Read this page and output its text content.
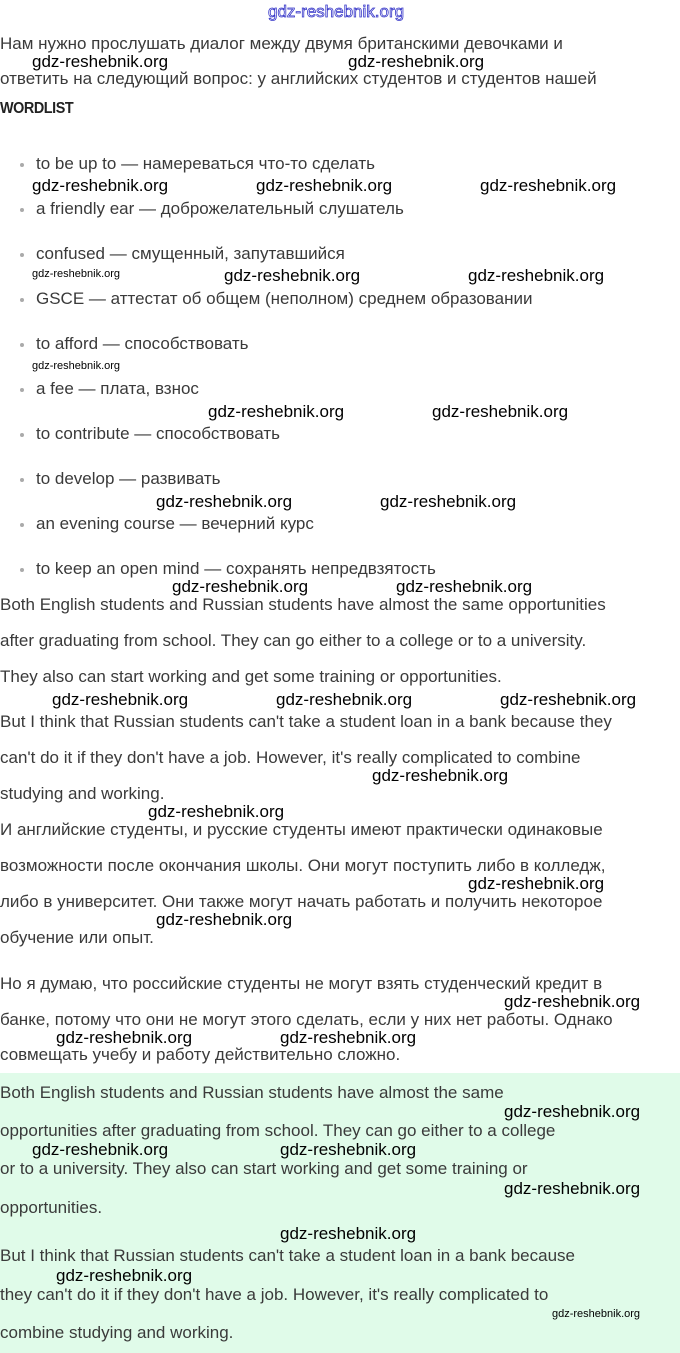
gdz-reshebnik.org
Нам нужно прослушать диалог между двумя британскими девочками и
ответить на следующий вопрос: у английских студентов и студентов нашей
WORDLIST
to be up to — намереваться что-то сделать
a friendly ear — доброжелательный слушатель
confused — смущенный, запутавшийся
GSCE — аттестат об общем (неполном) среднем образовании
to afford — способствовать
a fee — плата, взнос
to contribute — способствовать
to develop — развивать
an evening course — вечерний курс
to keep an open mind — сохранять непредвзятость
Both English students and Russian students have almost the same opportunities
after graduating from school. They can go either to a college or to a university.
They also can start working and get some training or opportunities.
But I think that Russian students can't take a student loan in a bank because they
can't do it if they don't have a job. However, it's really complicated to combine
studying and working.
И английские студенты, и русские студенты имеют практически одинаковые
возможности после окончания школы. Они могут поступить либо в колледж,
либо в университет. Они также могут начать работать и получить некоторое
обучение или опыт.
Но я думаю, что российские студенты не могут взять студенческий кредит в
банке, потому что они не могут этого сделать, если у них нет работы. Однако
совмещать учебу и работу действительно сложно.
Both English students and Russian students have almost the same
opportunities after graduating from school. They can go either to a college
or to a university. They also can start working and get some training or
opportunities.
But I think that Russian students can't take a student loan in a bank because
they can't do it if they don't have a job. However, it's really complicated to
combine studying and working.
gdz-reshebnik.org	gdz-reshebnik.org
gdz-reshebnik.org	gdz-reshebnik.org	gdz-reshebnik.org
gdz-reshebnik.org	gdz-reshebnik.org	gdz-reshebnik.org
gdz-reshebnik.org
gdz-reshebnik.org	gdz-reshebnik.org
gdz-reshebnik.org	gdz-reshebnik.org
gdz-reshebnik.org	gdz-reshebnik.org
gdz-reshebnik.org	gdz-reshebnik.org	gdz-reshebnik.org
gdz-reshebnik.org
gdz-reshebnik.org
gdz-reshebnik.org
gdz-reshebnik.org
gdz-reshebnik.org
gdz-reshebnik.org	gdz-reshebnik.org
gdz-reshebnik.org
gdz-reshebnik.org	gdz-reshebnik.org
gdz-reshebnik.org
gdz-reshebnik.org
gdz-reshebnik.org
gdz-reshebnik.org
